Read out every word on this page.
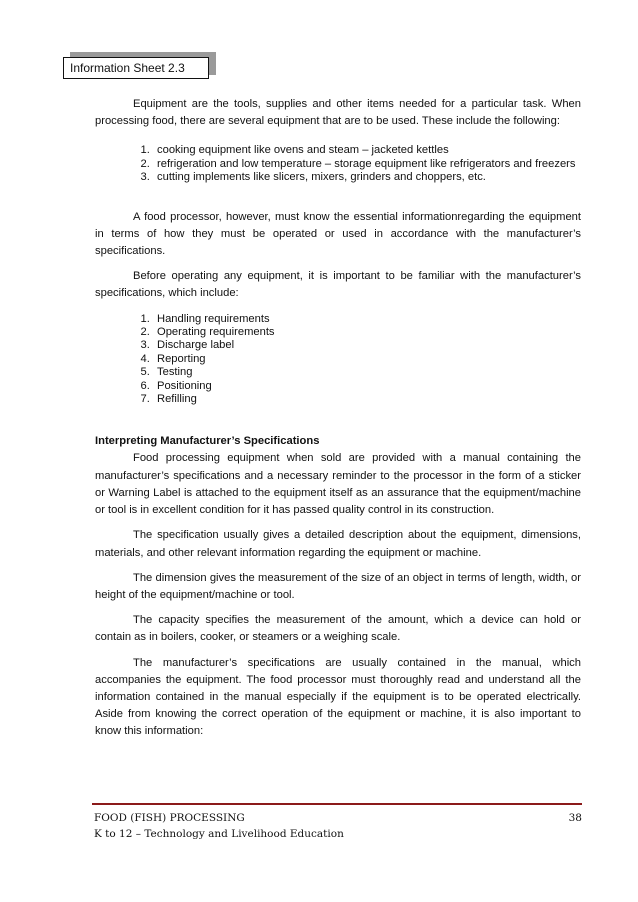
Information Sheet 2.3

Equipment are the tools, supplies and other items needed for a particular task. When processing food, there are several equipment that are to be used. These include the following:

1. cooking equipment like ovens and steam – jacketed kettles
2. refrigeration and low temperature – storage equipment like refrigerators and freezers
3. cutting implements like slicers, mixers, grinders and choppers, etc.

A food processor, however, must know the essential informationregarding the equipment in terms of how they must be operated or used in accordance with the manufacturer’s specifications.

Before operating any equipment, it is important to be familiar with the manufacturer’s specifications, which include:

1. Handling requirements
2. Operating requirements
3. Discharge label
4. Reporting
5. Testing
6. Positioning
7. Refilling
Interpreting Manufacturer’s Specifications

Food processing equipment when sold are provided with a manual containing the manufacturer’s specifications and a necessary reminder to the processor in the form of a sticker or Warning Label is attached to the equipment itself as an assurance that the equipment/machine or tool is in excellent condition for it has passed quality control in its construction.

The specification usually gives a detailed description about the equipment, dimensions, materials, and other relevant information regarding the equipment or machine.

The dimension gives the measurement of the size of an object in terms of length, width, or height of the equipment/machine or tool.

The capacity specifies the measurement of the amount, which a device can hold or contain as in boilers, cooker, or steamers or a weighing scale.

The manufacturer’s specifications are usually contained in the manual, which accompanies the equipment. The food processor must thoroughly read and understand all the information contained in the manual especially if the equipment is to be operated electrically. Aside from knowing the correct operation of the equipment or machine, it is also important to know this information:

FOOD (FISH) PROCESSING	38
K to 12 – Technology and Livelihood Education
